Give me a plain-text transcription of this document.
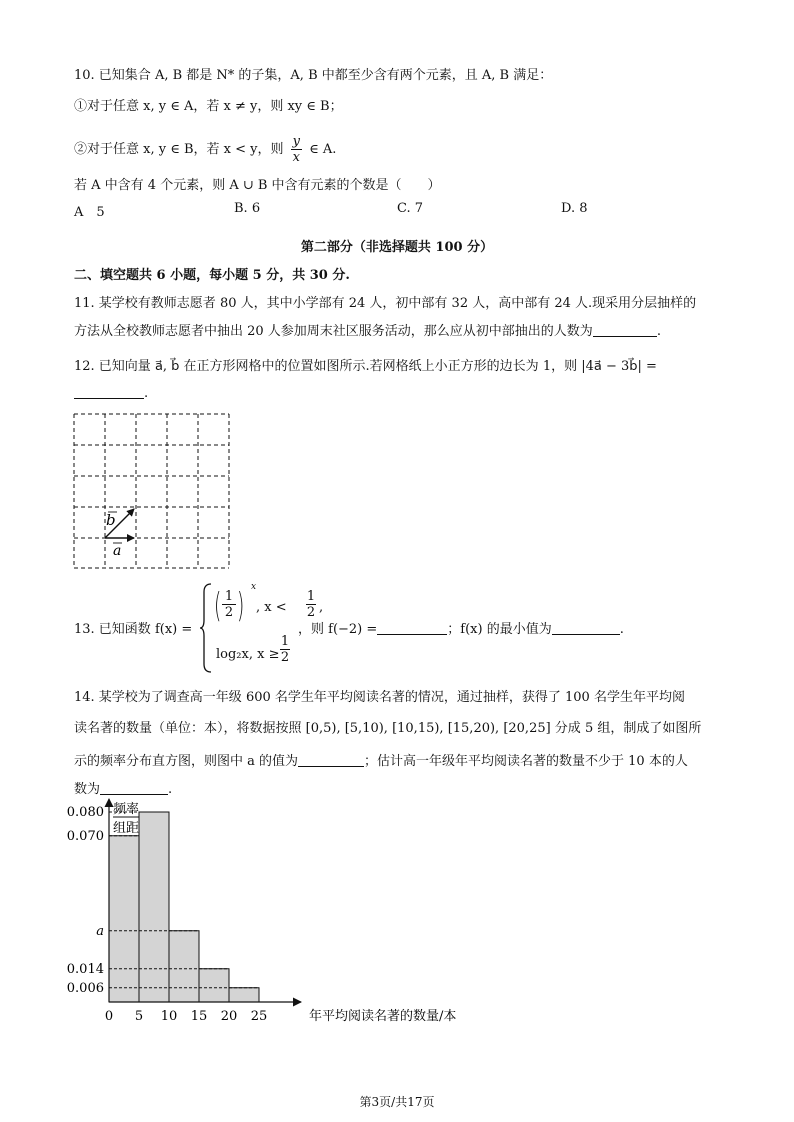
10. 已知集合 A, B 都是 N* 的子集，A, B 中都至少含有两个元素，且 A, B 满足：
①对于任意 x, y ∈ A，若 x ≠ y，则 xy ∈ B；
②对于任意 x, y ∈ B，若 x < y，则 $\frac{y}{x}$ ∈ A.
若 A 中含有 4 个元素，则 A ∪ B 中含有元素的个数是（　　）
A　5	B. 6	C. 7	D. 8
第二部分（非选择题共 100 分）
二、填空题共 6 小题，每小题 5 分，共 30 分.
11. 某学校有教师志愿者 80 人，其中小学部有 24 人，初中部有 32 人，高中部有 24 人.现采用分层抽样的
方法从全校教师志愿者中抽出 20 人参加周末社区服务活动，那么应从初中部抽出的人数为	.
12. 已知向量 a⃗, b⃗ 在正方形网格中的位置如图所示.若网格纸上小正方形的边长为 1，则 |4a⃗ − 3b⃗| =
.
a
b
13. 已知函数 f(x) =
( $\frac{1}{2}$ ) x
, $x < \frac{1}{2}$ ,
log₂x, $x \ge \frac{1}{2}$
，则 f(−2) =	；f(x) 的最小值为	.
14. 某学校为了调查高一年级 600 名学生年平均阅读名著的情况，通过抽样，获得了 100 名学生年平均阅
读名著的数量（单位：本），将数据按照 [0,5), [5,10), [10,15), [15,20), [20,25] 分成 5 组，制成了如图所
示的频率分布直方图，则图中 a 的值为	；估计高一年级年平均阅读名著的数量不少于 10 本的人
数为	.
频率
组距
0.080
0.070
a
0.014
0.006
0 5 10 15 20 25	年平均阅读名著的数量/本
第3页/共17页
